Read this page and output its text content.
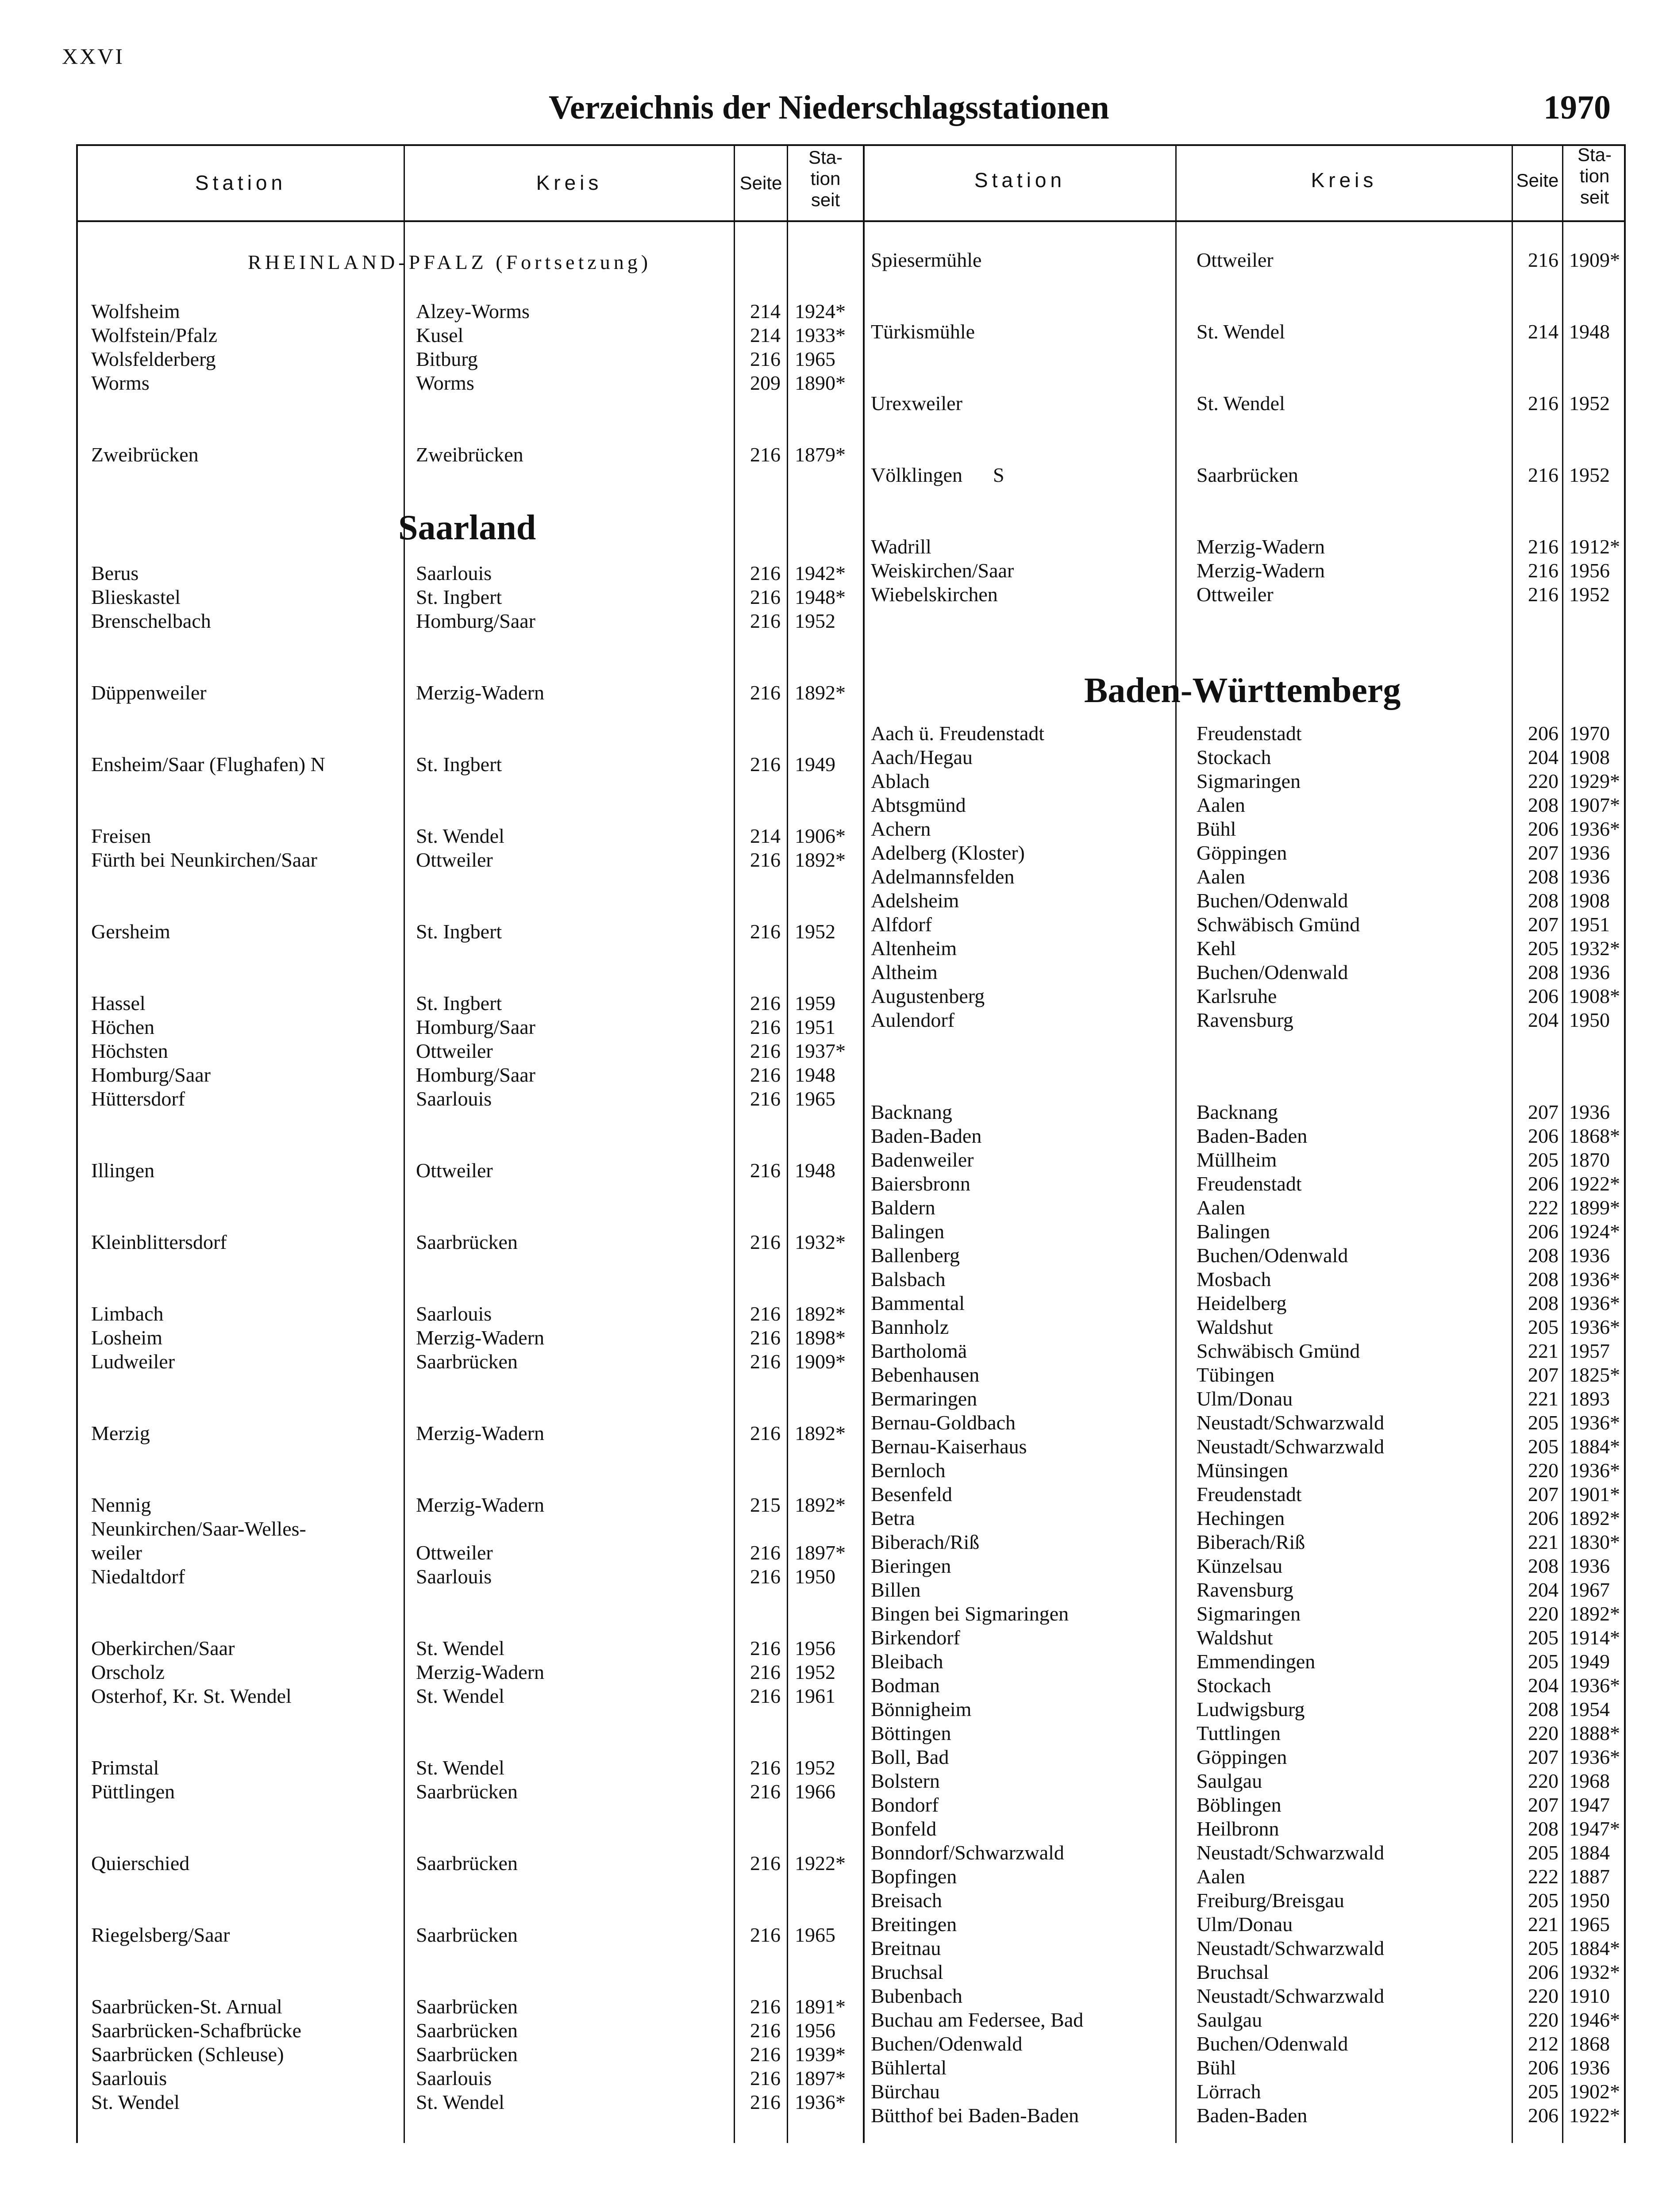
XXVI
Verzeichnis der Niederschlagsstationen	1970
Station	Kreis	Seite
Sta-
tion
seit
Station	Kreis	Seite
Sta-
tion
seit
RHEINLAND-PFALZ (Fortsetzung)
Saarland
Baden-Württemberg
Wolfsheim	Alzey-Worms	214 1924*
Wolfstein/Pfalz	Kusel	214 1933*
Wolsfelderberg	Bitburg	216 1965
Worms	Worms	209 1890*
Zweibrücken	Zweibrücken	216 1879*
Berus	Saarlouis	216 1942*
Blieskastel	St. Ingbert	216 1948*
Brenschelbach	Homburg/Saar	216 1952
Düppenweiler	Merzig-Wadern	216 1892*
Ensheim/Saar (Flughafen) N	St. Ingbert	216 1949
Freisen	St. Wendel	214 1906*
Fürth bei Neunkirchen/Saar	Ottweiler	216 1892*
Gersheim	St. Ingbert	216 1952
Hassel	St. Ingbert	216 1959
Höchen	Homburg/Saar	216 1951
Höchsten	Ottweiler	216 1937*
Homburg/Saar	Homburg/Saar	216 1948
Hüttersdorf	Saarlouis	216 1965
Illingen	Ottweiler	216 1948
Kleinblittersdorf	Saarbrücken	216 1932*
Limbach	Saarlouis	216 1892*
Losheim	Merzig-Wadern	216 1898*
Ludweiler	Saarbrücken	216 1909*
Merzig	Merzig-Wadern	216 1892*
Nennig	Merzig-Wadern	215 1892*
Neunkirchen/Saar-Welles-
weiler	Ottweiler	216 1897*
Niedaltdorf	Saarlouis	216 1950
Oberkirchen/Saar	St. Wendel	216 1956
Orscholz	Merzig-Wadern	216 1952
Osterhof, Kr. St. Wendel	St. Wendel	216 1961
Primstal	St. Wendel	216 1952
Püttlingen	Saarbrücken	216 1966
Quierschied	Saarbrücken	216 1922*
Riegelsberg/Saar	Saarbrücken	216 1965
Saarbrücken-St. Arnual	Saarbrücken	216 1891*
Saarbrücken-Schafbrücke	Saarbrücken	216 1956
Saarbrücken (Schleuse)	Saarbrücken	216 1939*
Saarlouis	Saarlouis	216 1897*
St. Wendel	St. Wendel	216 1936*
Spiesermühle	Ottweiler	216 1909*
Türkismühle	St. Wendel	214 1948
Urexweiler	St. Wendel	216 1952
Völklingen      S	Saarbrücken	216 1952
Wadrill	Merzig-Wadern	216 1912*
Weiskirchen/Saar	Merzig-Wadern	216 1956
Wiebelskirchen	Ottweiler	216 1952
Aach ü. Freudenstadt	Freudenstadt	206 1970
Aach/Hegau	Stockach	204 1908
Ablach	Sigmaringen	220 1929*
Abtsgmünd	Aalen	208 1907*
Achern	Bühl	206 1936*
Adelberg (Kloster)	Göppingen	207 1936
Adelmannsfelden	Aalen	208 1936
Adelsheim	Buchen/Odenwald	208 1908
Alfdorf	Schwäbisch Gmünd	207 1951
Altenheim	Kehl	205 1932*
Altheim	Buchen/Odenwald	208 1936
Augustenberg	Karlsruhe	206 1908*
Aulendorf	Ravensburg	204 1950
Backnang	Backnang	207 1936
Baden-Baden	Baden-Baden	206 1868*
Badenweiler	Müllheim	205 1870
Baiersbronn	Freudenstadt	206 1922*
Baldern	Aalen	222 1899*
Balingen	Balingen	206 1924*
Ballenberg	Buchen/Odenwald	208 1936
Balsbach	Mosbach	208 1936*
Bammental	Heidelberg	208 1936*
Bannholz	Waldshut	205 1936*
Bartholomä	Schwäbisch Gmünd	221 1957
Bebenhausen	Tübingen	207 1825*
Bermaringen	Ulm/Donau	221 1893
Bernau-Goldbach	Neustadt/Schwarzwald	205 1936*
Bernau-Kaiserhaus	Neustadt/Schwarzwald	205 1884*
Bernloch	Münsingen	220 1936*
Besenfeld	Freudenstadt	207 1901*
Betra	Hechingen	206 1892*
Biberach/Riß	Biberach/Riß	221 1830*
Bieringen	Künzelsau	208 1936
Billen	Ravensburg	204 1967
Bingen bei Sigmaringen	Sigmaringen	220 1892*
Birkendorf	Waldshut	205 1914*
Bleibach	Emmendingen	205 1949
Bodman	Stockach	204 1936*
Bönnigheim	Ludwigsburg	208 1954
Böttingen	Tuttlingen	220 1888*
Boll, Bad	Göppingen	207 1936*
Bolstern	Saulgau	220 1968
Bondorf	Böblingen	207 1947
Bonfeld	Heilbronn	208 1947*
Bonndorf/Schwarzwald	Neustadt/Schwarzwald	205 1884
Bopfingen	Aalen	222 1887
Breisach	Freiburg/Breisgau	205 1950
Breitingen	Ulm/Donau	221 1965
Breitnau	Neustadt/Schwarzwald	205 1884*
Bruchsal	Bruchsal	206 1932*
Bubenbach	Neustadt/Schwarzwald	220 1910
Buchau am Federsee, Bad	Saulgau	220 1946*
Buchen/Odenwald	Buchen/Odenwald	212 1868
Bühlertal	Bühl	206 1936
Bürchau	Lörrach	205 1902*
Bütthof bei Baden-Baden	Baden-Baden	206 1922*
